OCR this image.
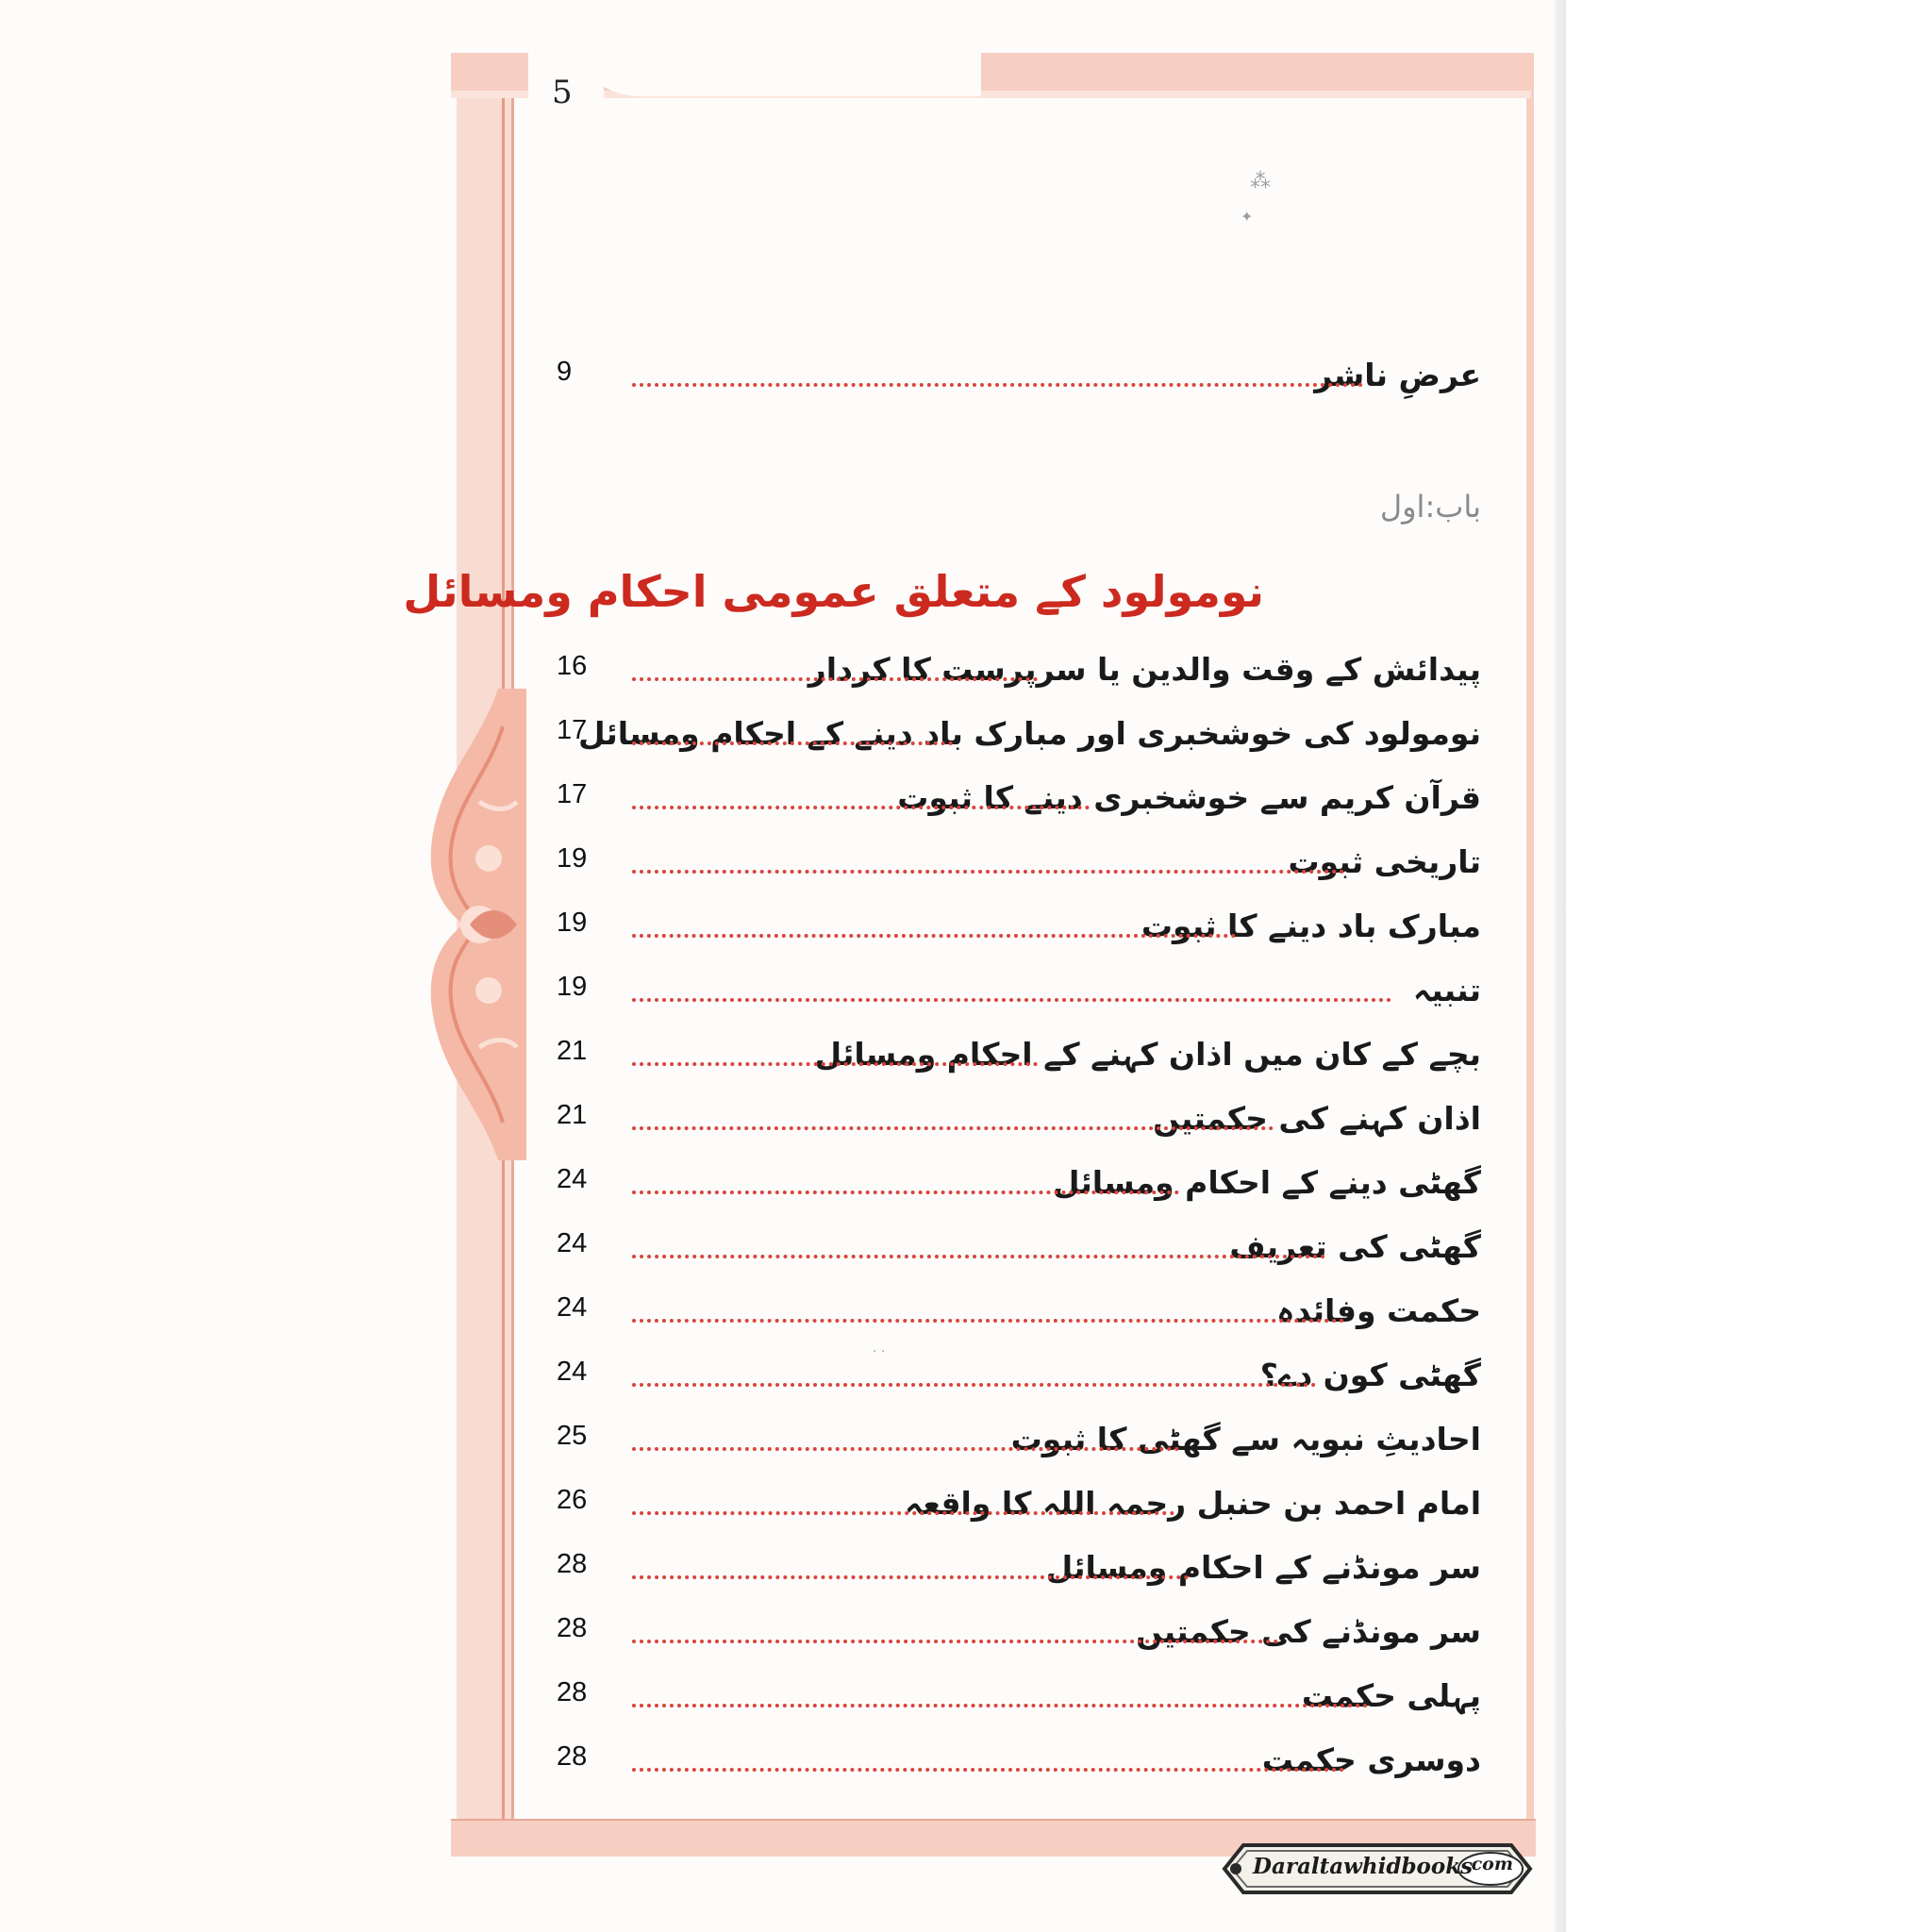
5
⁂
✦
· ·
عرضِ ناشر
9
باب:اول
نومولود کے متعلق عمومی احکام ومسائل
پیدائش کے وقت والدین یا سرپرست کا کردار
16
نومولود کی خوشخبری اور مبارک باد دینے کے احکام ومسائل
17
قرآن کریم سے خوشخبری دینے کا ثبوت
17
تاریخی ثبوت
19
مبارک باد دینے کا ثبوت
19
تنبیہ
19
بچے کے کان میں اذان کہنے کے احکام ومسائل
21
اذان کہنے کی حکمتیں
21
گھٹی دینے کے احکام ومسائل
24
گھٹی کی تعریف
24
حکمت وفائدہ
24
گھٹی کون دے؟
24
احادیثِ نبویہ سے گھٹی کا ثبوت
25
امام احمد بن حنبل رحمہ اللہ کا واقعہ
26
سر مونڈنے کے احکام ومسائل
28
سر مونڈنے کی حکمتیں
28
پہلی حکمت
28
دوسری حکمت
28
Daraltawhidbooks
.com
